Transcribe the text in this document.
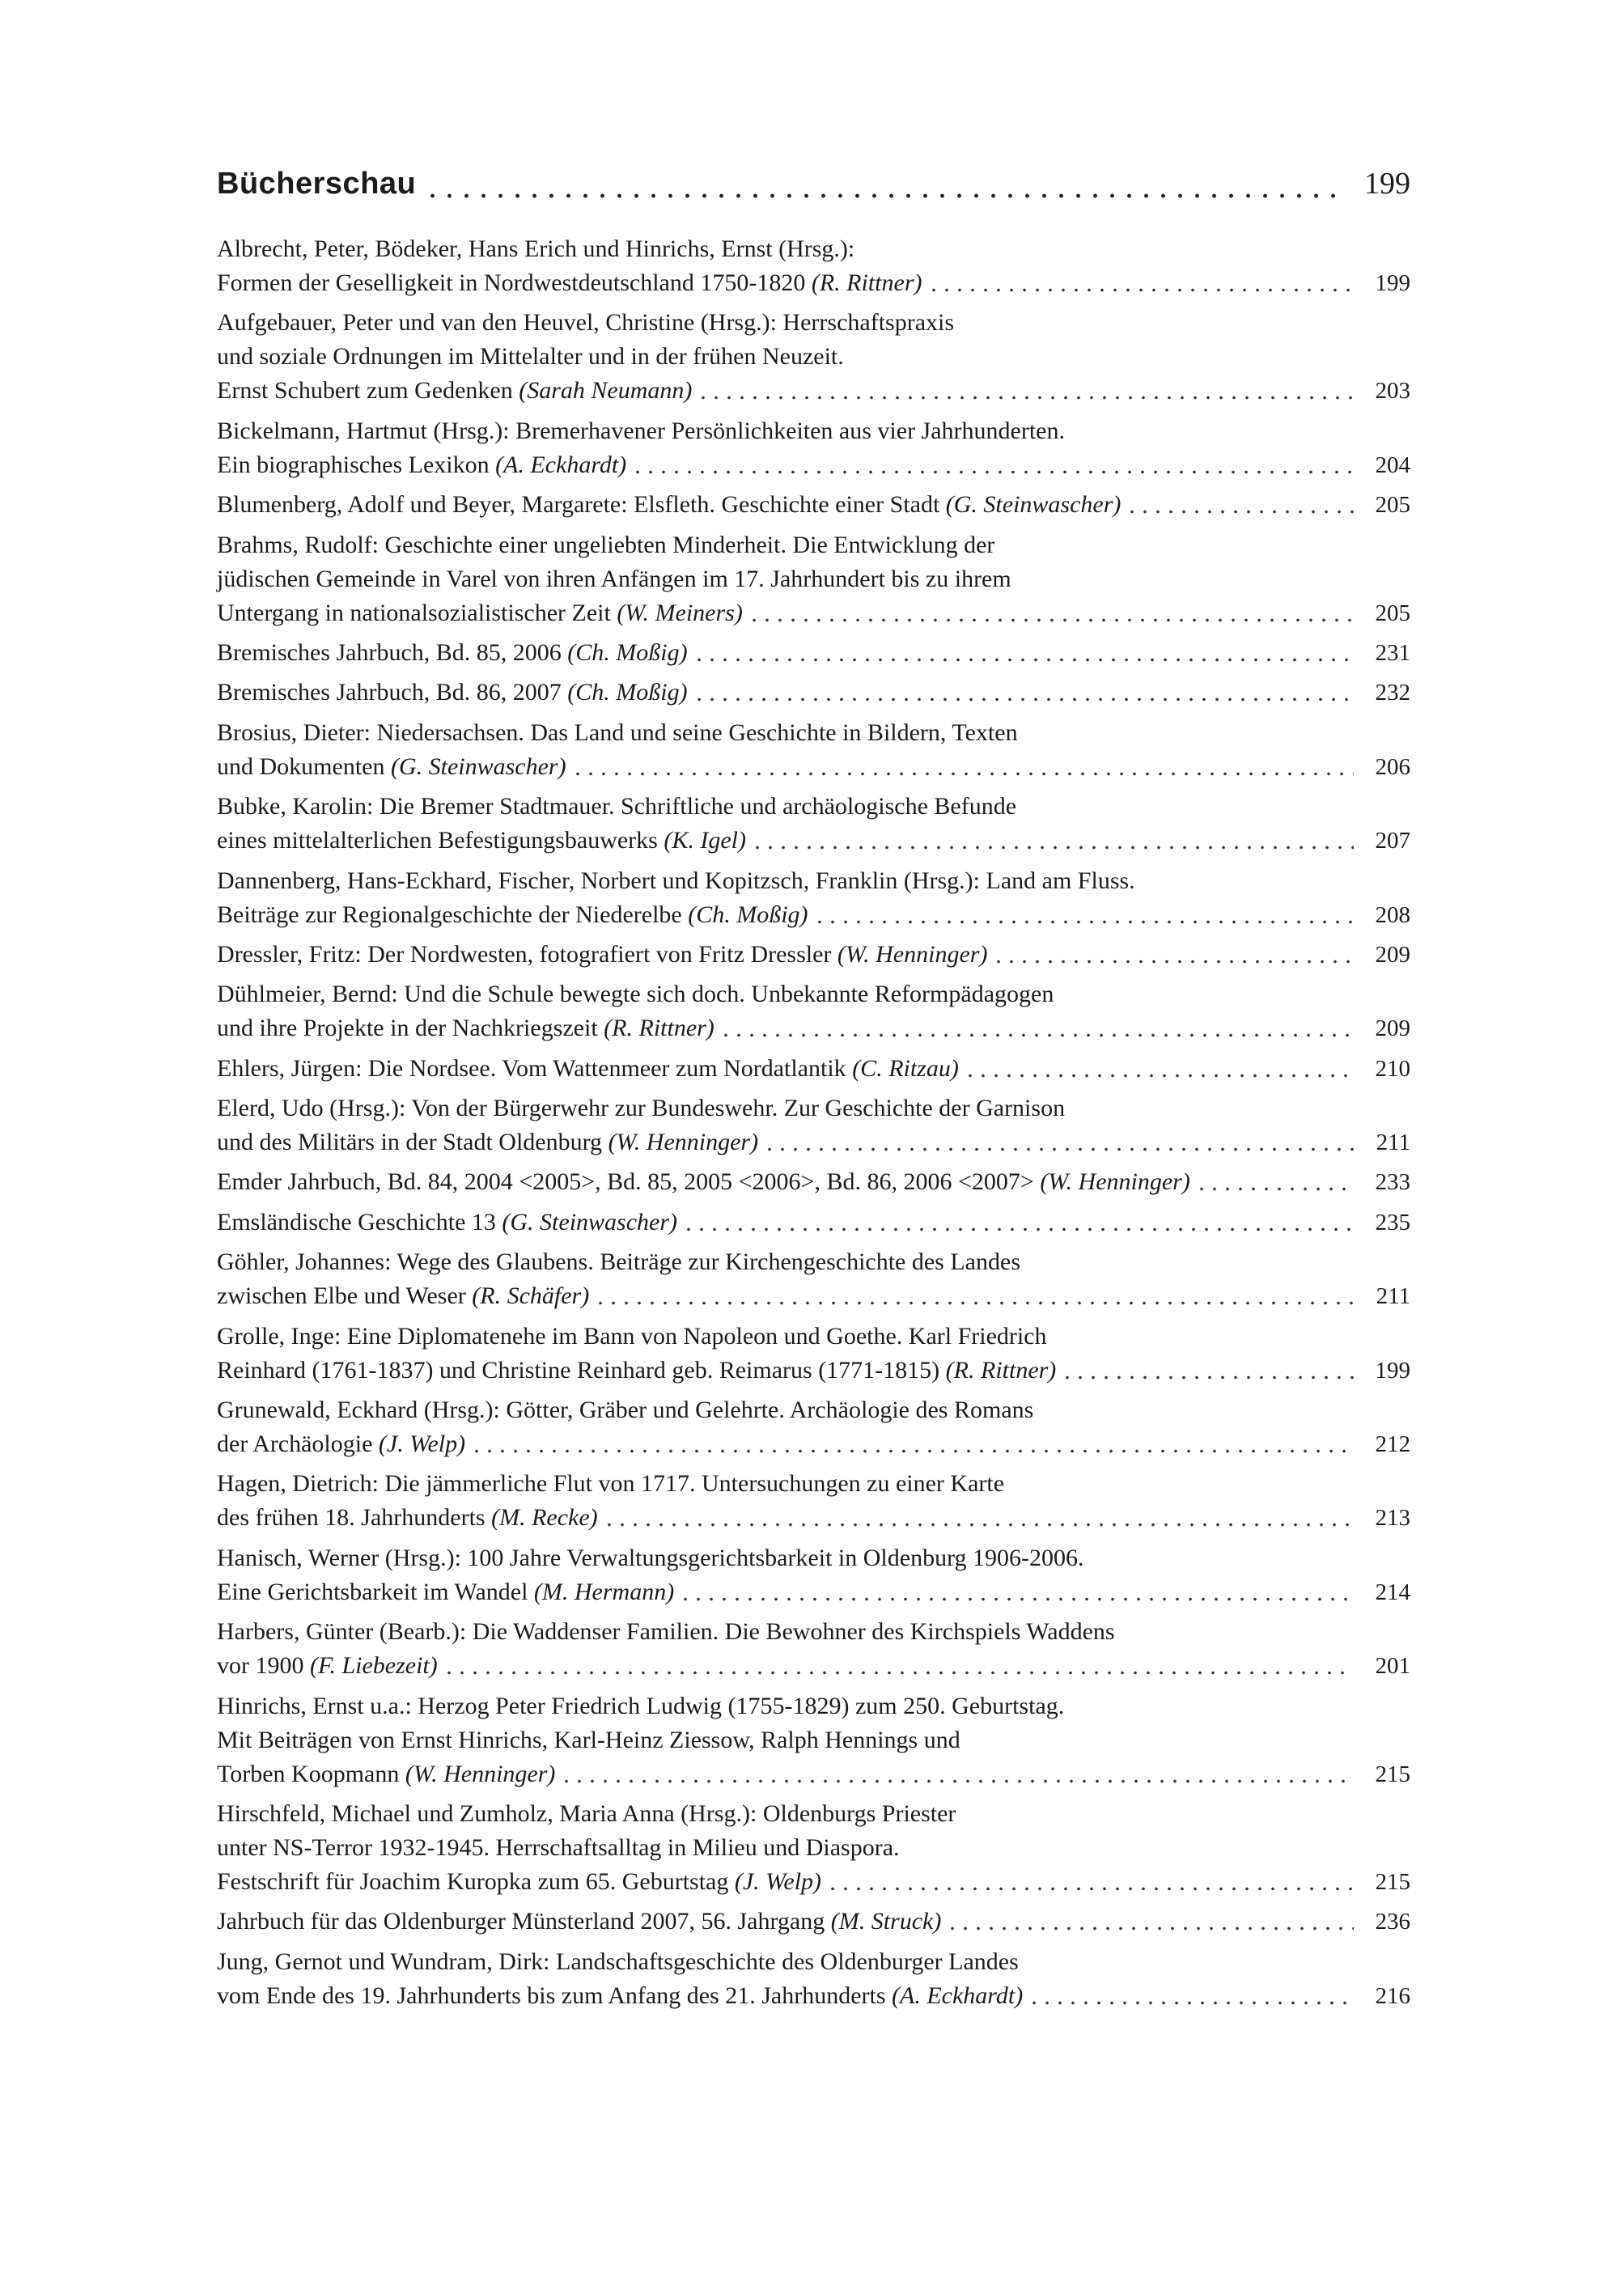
Bücherschau	199
Albrecht, Peter, Bödeker, Hans Erich und Hinrichs, Ernst (Hrsg.):
Formen der Geselligkeit in Nordwestdeutschland 1750-1820 (R. Rittner)	199
Aufgebauer, Peter und van den Heuvel, Christine (Hrsg.): Herrschaftspraxis
und soziale Ordnungen im Mittelalter und in der frühen Neuzeit.
Ernst Schubert zum Gedenken (Sarah Neumann)	203
Bickelmann, Hartmut (Hrsg.): Bremerhavener Persönlichkeiten aus vier Jahrhunderten.
Ein biographisches Lexikon (A. Eckhardt)	204
Blumenberg, Adolf und Beyer, Margarete: Elsfleth. Geschichte einer Stadt (G. Steinwascher)	205
Brahms, Rudolf: Geschichte einer ungeliebten Minderheit. Die Entwicklung der
jüdischen Gemeinde in Varel von ihren Anfängen im 17. Jahrhundert bis zu ihrem
Untergang in nationalsozialistischer Zeit (W. Meiners)	205
Bremisches Jahrbuch, Bd. 85, 2006 (Ch. Moßig)	231
Bremisches Jahrbuch, Bd. 86, 2007 (Ch. Moßig)	232
Brosius, Dieter: Niedersachsen. Das Land und seine Geschichte in Bildern, Texten
und Dokumenten (G. Steinwascher)	206
Bubke, Karolin: Die Bremer Stadtmauer. Schriftliche und archäologische Befunde
eines mittelalterlichen Befestigungsbauwerks (K. Igel)	207
Dannenberg, Hans-Eckhard, Fischer, Norbert und Kopitzsch, Franklin (Hrsg.): Land am Fluss.
Beiträge zur Regionalgeschichte der Niederelbe (Ch. Moßig)	208
Dressler, Fritz: Der Nordwesten, fotografiert von Fritz Dressler (W. Henninger)	209
Dühlmeier, Bernd: Und die Schule bewegte sich doch. Unbekannte Reformpädagogen
und ihre Projekte in der Nachkriegszeit (R. Rittner)	209
Ehlers, Jürgen: Die Nordsee. Vom Wattenmeer zum Nordatlantik (C. Ritzau)	210
Elerd, Udo (Hrsg.): Von der Bürgerwehr zur Bundeswehr. Zur Geschichte der Garnison
und des Militärs in der Stadt Oldenburg (W. Henninger)	211
Emder Jahrbuch, Bd. 84, 2004 <2005>, Bd. 85, 2005 <2006>, Bd. 86, 2006 <2007> (W. Henninger)	233
Emsländische Geschichte 13 (G. Steinwascher)	235
Göhler, Johannes: Wege des Glaubens. Beiträge zur Kirchengeschichte des Landes
zwischen Elbe und Weser (R. Schäfer)	211
Grolle, Inge: Eine Diplomatenehe im Bann von Napoleon und Goethe. Karl Friedrich
Reinhard (1761-1837) und Christine Reinhard geb. Reimarus (1771-1815) (R. Rittner)	199
Grunewald, Eckhard (Hrsg.): Götter, Gräber und Gelehrte. Archäologie des Romans
der Archäologie (J. Welp)	212
Hagen, Dietrich: Die jämmerliche Flut von 1717. Untersuchungen zu einer Karte
des frühen 18. Jahrhunderts (M. Recke)	213
Hanisch, Werner (Hrsg.): 100 Jahre Verwaltungsgerichtsbarkeit in Oldenburg 1906-2006.
Eine Gerichtsbarkeit im Wandel (M. Hermann)	214
Harbers, Günter (Bearb.): Die Waddenser Familien. Die Bewohner des Kirchspiels Waddens
vor 1900 (F. Liebezeit)	201
Hinrichs, Ernst u.a.: Herzog Peter Friedrich Ludwig (1755-1829) zum 250. Geburtstag.
Mit Beiträgen von Ernst Hinrichs, Karl-Heinz Ziessow, Ralph Hennings und
Torben Koopmann (W. Henninger)	215
Hirschfeld, Michael und Zumholz, Maria Anna (Hrsg.): Oldenburgs Priester
unter NS-Terror 1932-1945. Herrschaftsalltag in Milieu und Diaspora.
Festschrift für Joachim Kuropka zum 65. Geburtstag (J. Welp)	215
Jahrbuch für das Oldenburger Münsterland 2007, 56. Jahrgang (M. Struck)	236
Jung, Gernot und Wundram, Dirk: Landschaftsgeschichte des Oldenburger Landes
vom Ende des 19. Jahrhunderts bis zum Anfang des 21. Jahrhunderts (A. Eckhardt)	216
